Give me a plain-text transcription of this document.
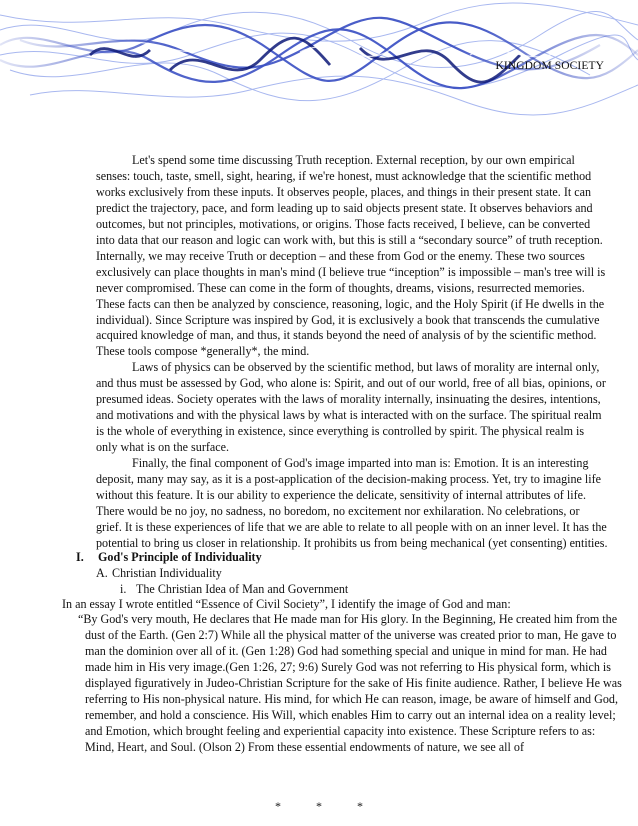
KINGDOM SOCIETY

Let's spend some time discussing Truth reception. External reception, by our own empirical senses: touch, taste, smell, sight, hearing, if we're honest, must acknowledge that the scientific method works exclusively from these inputs. It observes people, places, and things in their present state. It can predict the trajectory, pace, and form leading up to said objects present state. It observes behaviors and outcomes, but not principles, motivations, or origins. Those facts received, I believe, can be converted into data that our reason and logic can work with, but this is still a “secondary source” of truth reception. Internally, we may receive Truth or deception – and these from God or the enemy. These two sources exclusively can place thoughts in man's mind (I believe true “inception” is impossible – man's tree will is never compromised. These can come in the form of thoughts, dreams, visions, resurrected memories. These facts can then be analyzed by conscience, reasoning, logic, and the Holy Spirit (if He dwells in the individual). Since Scripture was inspired by God, it is exclusively a book that transcends the cumulative acquired knowledge of man, and thus, it stands beyond the need of analysis of by the scientific method. These tools compose *generally*, the mind.

Laws of physics can be observed by the scientific method, but laws of morality are internal only, and thus must be assessed by God, who alone is: Spirit, and out of our world, free of all bias, opinions, or presumed ideas. Society operates with the laws of morality internally, insinuating the desires, intentions, and motivations and with the physical laws by what is interacted with on the surface. The spiritual realm is the whole of everything in existence, since everything is controlled by spirit. The physical realm is only what is on the surface.

Finally, the final component of God's image imparted into man is: Emotion. It is an interesting deposit, many may say, as it is a post-application of the decision-making process. Yet, try to imagine life without this feature. It is our ability to experience the delicate, sensitivity of internal attributes of life. There would be no joy, no sadness, no boredom, no excitement nor exhilaration. No celebrations, or grief. It is these experiences of life that we are able to relate to all people with on an inner level. It has the potential to bring us closer in relationship. It prohibits us from being mechanical (yet consenting) entities.

I. God's Principle of Individuality
A. Christian Individuality
i. The Christian Idea of Man and Government
In an essay I wrote entitled “Essence of Civil Society”, I identify the image of God and man:
“By God's very mouth, He declares that He made man for His glory. In the Beginning, He created him from the dust of the Earth. (Gen 2:7) While all the physical matter of the universe was created prior to man, He gave to man the dominion over all of it. (Gen 1:28) God had something special and unique in mind for man. He had made him in His very image.(Gen 1:26, 27; 9:6) Surely God was not referring to His physical form, which is displayed figuratively in Judeo-Christian Scripture for the sake of His finite audience. Rather, I believe He was referring to His non-physical nature. His mind, for which He can reason, image, be aware of himself and God, remember, and hold a conscience. His Will, which enables Him to carry out an internal idea on a reality level; and Emotion, which brought feeling and experiential capacity into existence. These Scripture refers to as: Mind, Heart, and Soul. (Olson 2) From these essential endowments of nature, we see all of
*	*	*
